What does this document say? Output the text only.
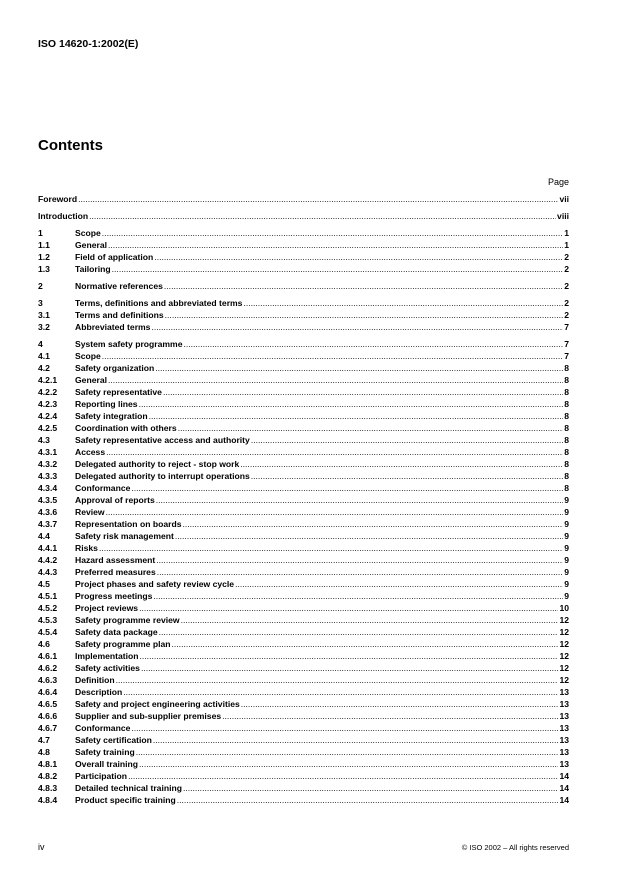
ISO 14620-1:2002(E)
Contents
Page
Foreword .....	vii
Introduction .....	viii
1	Scope .....	1
1.1	General .....	1
1.2	Field of application .....	2
1.3	Tailoring .....	2
2	Normative references .....	2
3	Terms, definitions and abbreviated terms .....	2
3.1	Terms and definitions .....	2
3.2	Abbreviated terms .....	7
4	System safety programme .....	7
4.1	Scope .....	7
4.2	Safety organization .....	8
4.2.1	General .....	8
4.2.2	Safety representative .....	8
4.2.3	Reporting lines .....	8
4.2.4	Safety integration .....	8
4.2.5	Coordination with others .....	8
4.3	Safety representative access and authority .....	8
4.3.1	Access .....	8
4.3.2	Delegated authority to reject - stop work .....	8
4.3.3	Delegated authority to interrupt operations .....	8
4.3.4	Conformance .....	8
4.3.5	Approval of reports .....	9
4.3.6	Review .....	9
4.3.7	Representation on boards .....	9
4.4	Safety risk management .....	9
4.4.1	Risks .....	9
4.4.2	Hazard assessment .....	9
4.4.3	Preferred measures .....	9
4.5	Project phases and safety review cycle .....	9
4.5.1	Progress meetings .....	9
4.5.2	Project reviews .....	10
4.5.3	Safety programme review .....	12
4.5.4	Safety data package .....	12
4.6	Safety programme plan .....	12
4.6.1	Implementation .....	12
4.6.2	Safety activities .....	12
4.6.3	Definition .....	12
4.6.4	Description .....	13
4.6.5	Safety and project engineering activities .....	13
4.6.6	Supplier and sub-supplier premises .....	13
4.6.7	Conformance .....	13
4.7	Safety certification .....	13
4.8	Safety training .....	13
4.8.1	Overall training .....	13
4.8.2	Participation .....	14
4.8.3	Detailed technical training .....	14
4.8.4	Product specific training .....	14
iv	© ISO 2002 – All rights reserved
